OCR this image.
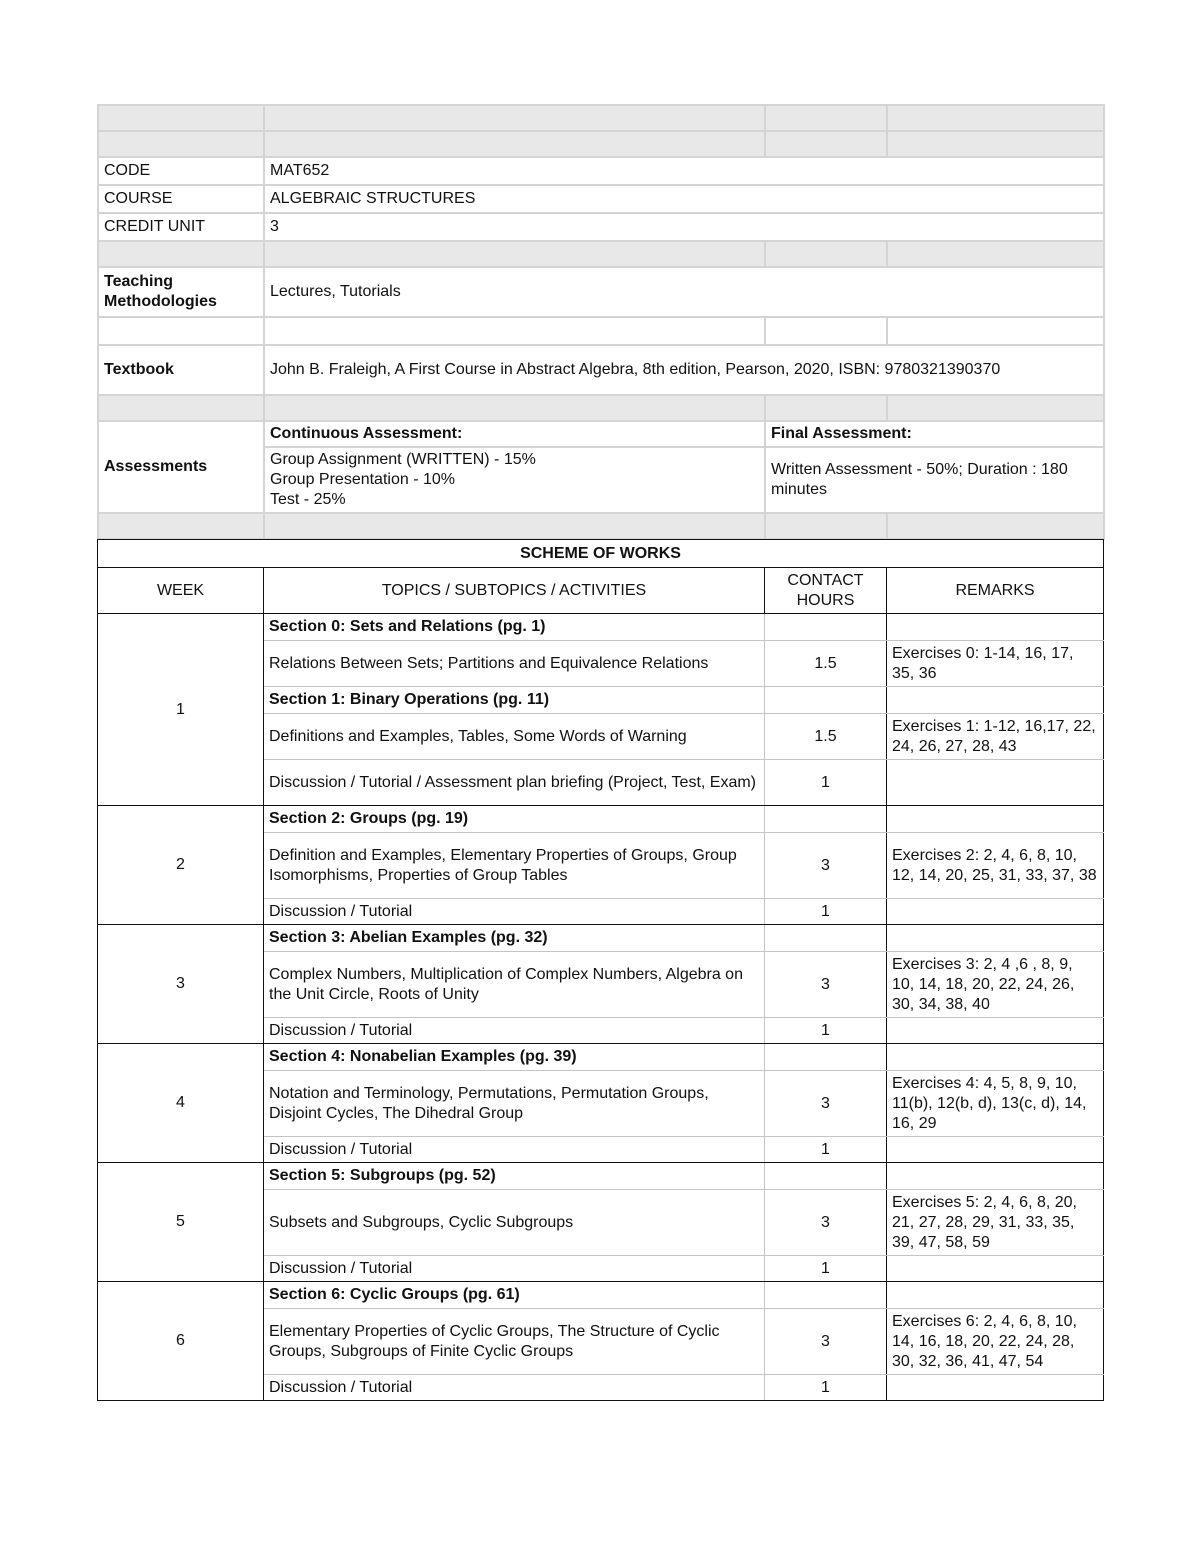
CODE	MAT652		
COURSE	ALGEBRAIC STRUCTURES		
CREDIT UNIT	3		

Teaching Methodologies	Lectures, Tutorials		

Textbook	John B. Fraleigh, A First Course in Abstract Algebra, 8th edition, Pearson, 2020, ISBN: 9780321390370		

Assessments	Continuous Assessment:	Final Assessment:	

	Group Assignment (WRITTEN) - 15%
Group Presentation - 10%
Test - 25%	Written Assessment - 50%; Duration : 180 minutes	

SCHEME OF WORKS			
WEEK	TOPICS / SUBTOPICS / ACTIVITIES	CONTACT HOURS	REMARKS
1	Section 0: Sets and Relations (pg. 1)		
	Relations Between Sets; Partitions and Equivalence Relations	1.5	Exercises 0: 1-14, 16, 17, 35, 36
	Section 1: Binary Operations (pg. 11)		
	Definitions and Examples, Tables, Some Words of Warning	1.5	Exercises 1: 1-12, 16,17, 22, 24, 26, 27, 28, 43
	Discussion / Tutorial / Assessment plan briefing (Project, Test, Exam)	1	
2	Section 2: Groups (pg. 19)		
	Definition and Examples, Elementary Properties of Groups, Group Isomorphisms, Properties of Group Tables	3	Exercises 2: 2, 4, 6, 8, 10, 12, 14, 20, 25, 31, 33, 37, 38
	Discussion / Tutorial	1	
3	Section 3: Abelian Examples (pg. 32)		
	Complex Numbers, Multiplication of Complex Numbers, Algebra on the Unit Circle, Roots of Unity	3	Exercises 3: 2, 4 ,6 , 8, 9, 10, 14, 18, 20, 22, 24, 26, 30, 34, 38, 40
	Discussion / Tutorial	1	
4	Section 4: Nonabelian Examples (pg. 39)		
	Notation and Terminology, Permutations, Permutation Groups, Disjoint Cycles, The Dihedral Group	3	Exercises 4: 4, 5, 8, 9, 10, 11(b), 12(b, d), 13(c, d), 14, 16, 29
	Discussion / Tutorial	1	
5	Section 5: Subgroups (pg. 52)		
	Subsets and Subgroups, Cyclic Subgroups	3	Exercises 5: 2, 4, 6, 8, 20, 21, 27, 28, 29, 31, 33, 35, 39, 47, 58, 59
	Discussion / Tutorial	1	
6	Section 6: Cyclic Groups (pg. 61)		
	Elementary Properties of Cyclic Groups, The Structure of Cyclic Groups, Subgroups of Finite Cyclic Groups	3	Exercises 6: 2, 4, 6, 8, 10, 14, 16, 18, 20, 22, 24, 28, 30, 32, 36, 41, 47, 54
	Discussion / Tutorial	1	
